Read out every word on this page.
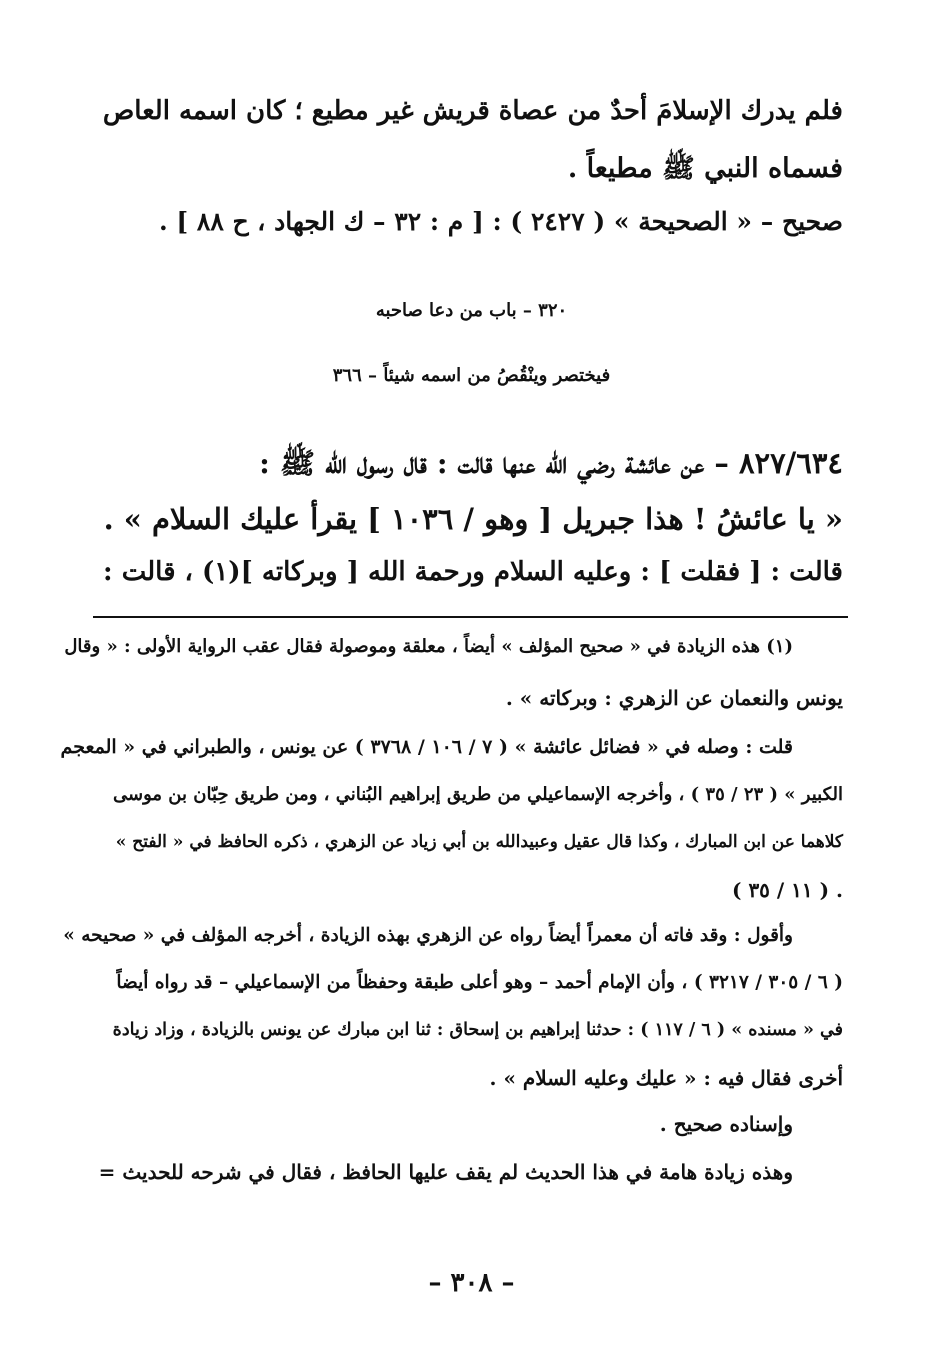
فلم يدرك الإسلامَ أحدٌ من عصاة قريش غير مطيع ؛ كان اسمه العاص
فسماه النبي ﷺ مطيعاً .
صحيح – « الصحيحة » ( ٢٤٢٧ ) : [ م : ٣٢ – ك الجهاد ، ح ٨٨ ] .
٣٢٠ – باب من دعا صاحبه
فيختصر وينْقُصُ من اسمه شيئاً – ٣٦٦
٨٢٧/٦٣٤ – عن عائشة رضي الله عنها قالت : قال رسول الله ﷺ :
« يا عائشُ ! هذا جبريل [ وهو / ١٠٣٦ ] يقرأ عليك السلام » .
قالت : [ فقلت ] : وعليه السلام ورحمة الله [ وبركاته ](١) ، قالت :
(١) هذه الزيادة في « صحيح المؤلف » أيضاً ، معلقة وموصولة فقال عقب الرواية الأولى : « وقال
يونس والنعمان عن الزهري : وبركاته » .
قلت : وصله في « فضائل عائشة » ( ٧ / ١٠٦ / ٣٧٦٨ ) عن يونس ، والطبراني في « المعجم
الكبير » ( ٢٣ / ٣٥ ) ، وأخرجه الإسماعيلي من طريق إبراهيم البُناني ، ومن طريق حِبّان بن موسى
كلاهما عن ابن المبارك ، وكذا قال عقيل وعبيدالله بن أبي زياد عن الزهري ، ذكره الحافظ في « الفتح »
( ١١ / ٣٥ ) .
وأقول : وقد فاته أن معمراً أيضاً رواه عن الزهري بهذه الزيادة ، أخرجه المؤلف في « صحيحه »
( ٦ / ٣٠٥ / ٣٢١٧ ) ، وأن الإمام أحمد – وهو أعلى طبقة وحفظاً من الإسماعيلي – قد رواه أيضاً
في « مسنده » ( ٦ / ١١٧ ) : حدثنا إبراهيم بن إسحاق : ثنا ابن مبارك عن يونس بالزيادة ، وزاد زيادة
أخرى فقال فيه : « عليك وعليه السلام » .
وإسناده صحيح .
وهذه زيادة هامة في هذا الحديث لم يقف عليها الحافظ ، فقال في شرحه للحديث =
– ٣٠٨ –
